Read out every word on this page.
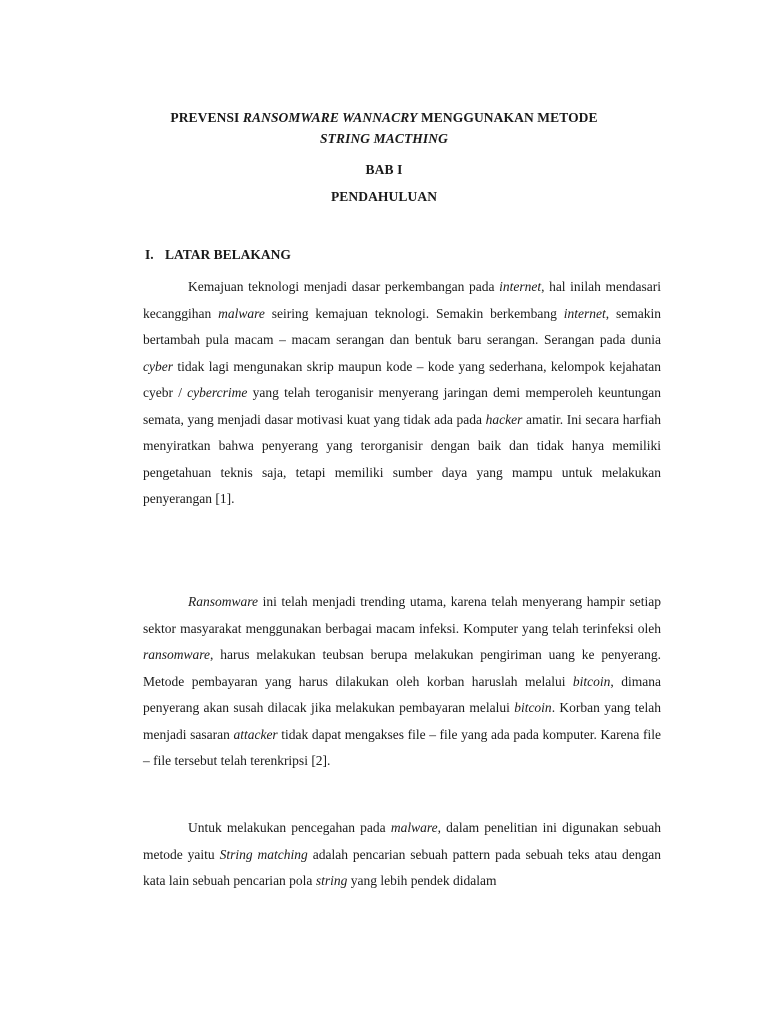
PREVENSI RANSOMWARE WANNACRY MENGGUNAKAN METODE
STRING MACTHING
BAB I
PENDAHULUAN
I. LATAR BELAKANG
Kemajuan teknologi menjadi dasar perkembangan pada internet, hal inilah mendasari kecanggihan malware seiring kemajuan teknologi. Semakin berkembang internet, semakin bertambah pula macam – macam serangan dan bentuk baru serangan. Serangan pada dunia cyber tidak lagi mengunakan skrip maupun kode – kode yang sederhana, kelompok kejahatan cyebr / cybercrime yang telah teroganisir menyerang jaringan demi memperoleh keuntungan semata, yang menjadi dasar motivasi kuat yang tidak ada pada hacker amatir. Ini secara harfiah menyiratkan bahwa penyerang yang terorganisir dengan baik dan tidak hanya memiliki pengetahuan teknis saja, tetapi memiliki sumber daya yang mampu untuk melakukan penyerangan [1].
Ransomware ini telah menjadi trending utama, karena telah menyerang hampir setiap sektor masyarakat menggunakan berbagai macam infeksi. Komputer yang telah terinfeksi oleh ransomware, harus melakukan teubsan berupa melakukan pengiriman uang ke penyerang. Metode pembayaran yang harus dilakukan oleh korban haruslah melalui bitcoin, dimana penyerang akan susah dilacak jika melakukan pembayaran melalui bitcoin. Korban yang telah menjadi sasaran attacker tidak dapat mengakses file – file yang ada pada komputer. Karena file – file tersebut telah terenkripsi [2].
Untuk melakukan pencegahan pada malware, dalam penelitian ini digunakan sebuah metode yaitu String matching adalah pencarian sebuah pattern pada sebuah teks atau dengan kata lain sebuah pencarian pola string yang lebih pendek didalam
